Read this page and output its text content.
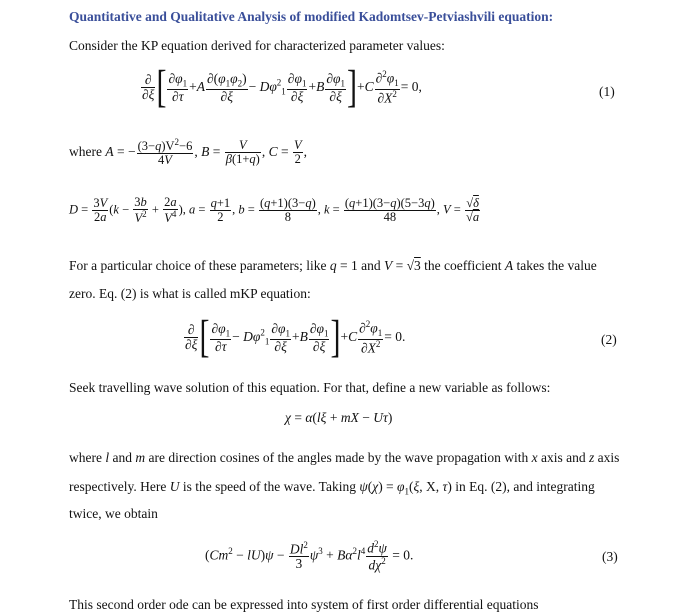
Quantitative and Qualitative Analysis of modified Kadomtsev-Petviashvili equation:
Consider the KP equation derived for characterized parameter values:
$\frac{\partial}{\partial\xi}$ [ $\frac{\partial\varphi_1}{\partial\tau} +A \frac{\partial(\varphi_1\varphi_2)}{\partial\xi} - D\varphi^2_1 \frac{\partial\varphi_1}{\partial\xi} +B \frac{\partial\varphi_1}{\partial\xi} ]+C \frac{\partial^2\varphi_1}{\partial X^2} = 0$,	(1)
where A = − $\frac{(3-q)V^2-6}{4V}$ , $B = \frac{V}{\beta(1+q)}$ , $C = \frac{V}{2}$ ,
$D = \frac{3V}{2a} (k - \frac{3b}{V^2} + \frac{2a}{V^4}$ ), $a = \frac{q+1}{2}$ , $b = \frac{(q+1)(3-q)}{8}$ , $k = \frac{(q+1)(3-q)(5-3q)}{48}$ , $V = \frac{√\delta}{√a}$
For a particular choice of these parameters; like q = 1 and V = √3 the coefficient A takes the value
zero. Eq. (2) is what is called mKP equation:
$\frac{\partial}{\partial\xi}$ [ $\frac{\partial\varphi_1}{\partial\tau} - D\varphi^2_1 \frac{\partial\varphi_1}{\partial\xi} +B \frac{\partial\varphi_1}{\partial\xi} ]+C \frac{\partial^2\varphi_1}{\partial X^2} = 0$.	(2)
Seek travelling wave solution of this equation. For that, define a new variable as follows:
χ = α(lξ + mX − Uτ)
where l and m are direction cosines of the angles made by the wave propagation with x axis and z axis
respectively. Here U is the speed of the wave. Taking $\psi(\chi) = \varphi_1(\xi$, X, τ) in Eq. (2), and integrating
twice, we obtain
$(Cm^2 - lU)\psi - \frac{Dl^2}{3} \psi^3 + B\alpha^2l^4 \frac{d^2\psi}{d\chi^2} = 0$.	(3)
This second order ode can be expressed into system of first order differential equations
